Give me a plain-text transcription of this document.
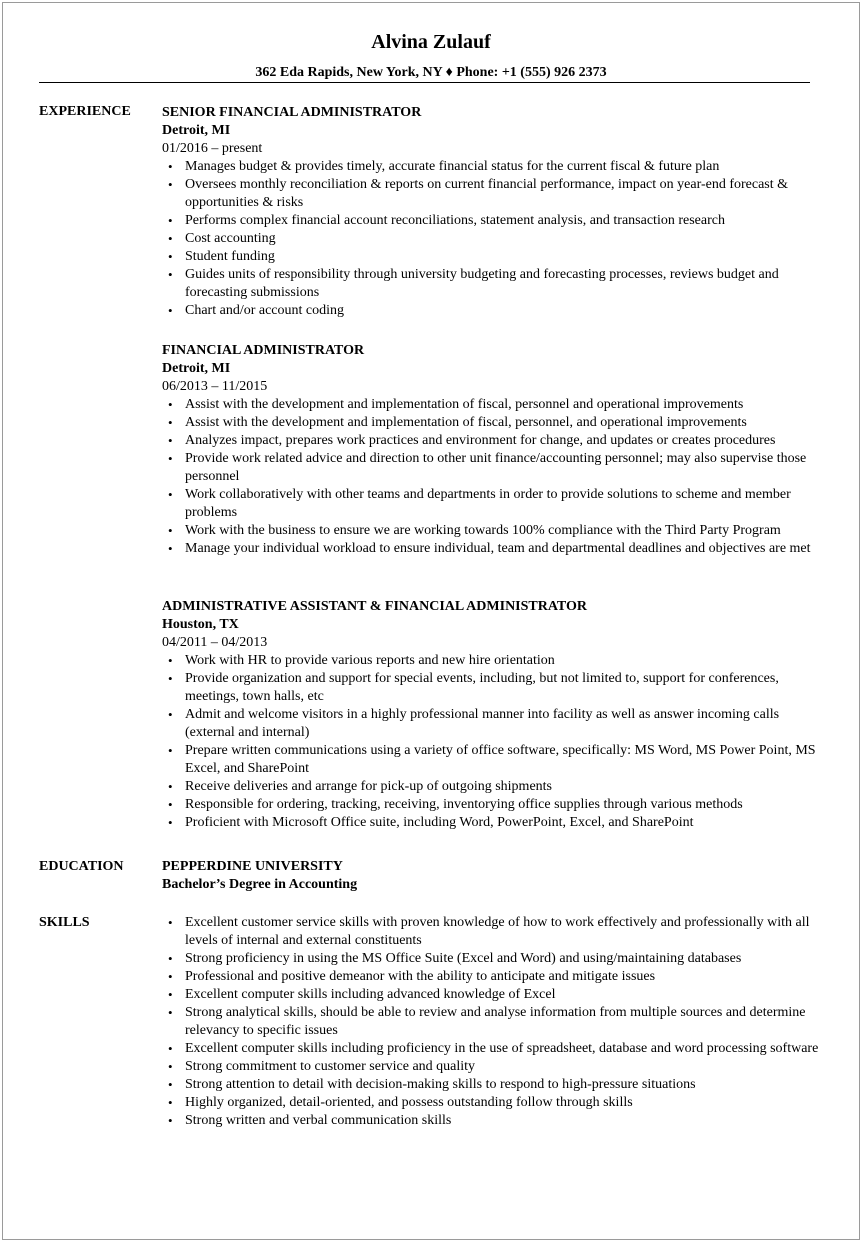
Alvina Zulauf
362 Eda Rapids, New York, NY ♦ Phone: +1 (555) 926 2373
EXPERIENCE SENIOR FINANCIAL ADMINISTRATOR
Detroit, MI
01/2016 – present
• Manages budget & provides timely, accurate financial status for the current fiscal & future plan
• Oversees monthly reconciliation & reports on current financial performance, impact on year-end forecast & opportunities & risks
• Performs complex financial account reconciliations, statement analysis, and transaction research
• Cost accounting
• Student funding
• Guides units of responsibility through university budgeting and forecasting processes, reviews budget and forecasting submissions
• Chart and/or account coding
FINANCIAL ADMINISTRATOR
Detroit, MI
06/2013 – 11/2015
• Assist with the development and implementation of fiscal, personnel and operational improvements
• Assist with the development and implementation of fiscal, personnel, and operational improvements
• Analyzes impact, prepares work practices and environment for change, and updates or creates procedures
• Provide work related advice and direction to other unit finance/accounting personnel; may also supervise those personnel
• Work collaboratively with other teams and departments in order to provide solutions to scheme and member problems
• Work with the business to ensure we are working towards 100% compliance with the Third Party Program
• Manage your individual workload to ensure individual, team and departmental deadlines and objectives are met
ADMINISTRATIVE ASSISTANT & FINANCIAL ADMINISTRATOR
Houston, TX
04/2011 – 04/2013
• Work with HR to provide various reports and new hire orientation
• Provide organization and support for special events, including, but not limited to, support for conferences, meetings, town halls, etc
• Admit and welcome visitors in a highly professional manner into facility as well as answer incoming calls (external and internal)
• Prepare written communications using a variety of office software, specifically: MS Word, MS Power Point, MS Excel, and SharePoint
• Receive deliveries and arrange for pick-up of outgoing shipments
• Responsible for ordering, tracking, receiving, inventorying office supplies through various methods
• Proficient with Microsoft Office suite, including Word, PowerPoint, Excel, and SharePoint
EDUCATION	PEPPERDINE UNIVERSITY
Bachelor’s Degree in Accounting
SKILLS
•	Excellent customer service skills with proven knowledge of how to work effectively and professionally with all levels of internal and external constituents
• Strong proficiency in using the MS Office Suite (Excel and Word) and using/maintaining databases
• Professional and positive demeanor with the ability to anticipate and mitigate issues
• Excellent computer skills including advanced knowledge of Excel
• Strong analytical skills, should be able to review and analyse information from multiple sources and determine relevancy to specific issues
• Excellent computer skills including proficiency in the use of spreadsheet, database and word processing software
• Strong commitment to customer service and quality
• Strong attention to detail with decision-making skills to respond to high-pressure situations
• Highly organized, detail-oriented, and possess outstanding follow through skills
• Strong written and verbal communication skills
